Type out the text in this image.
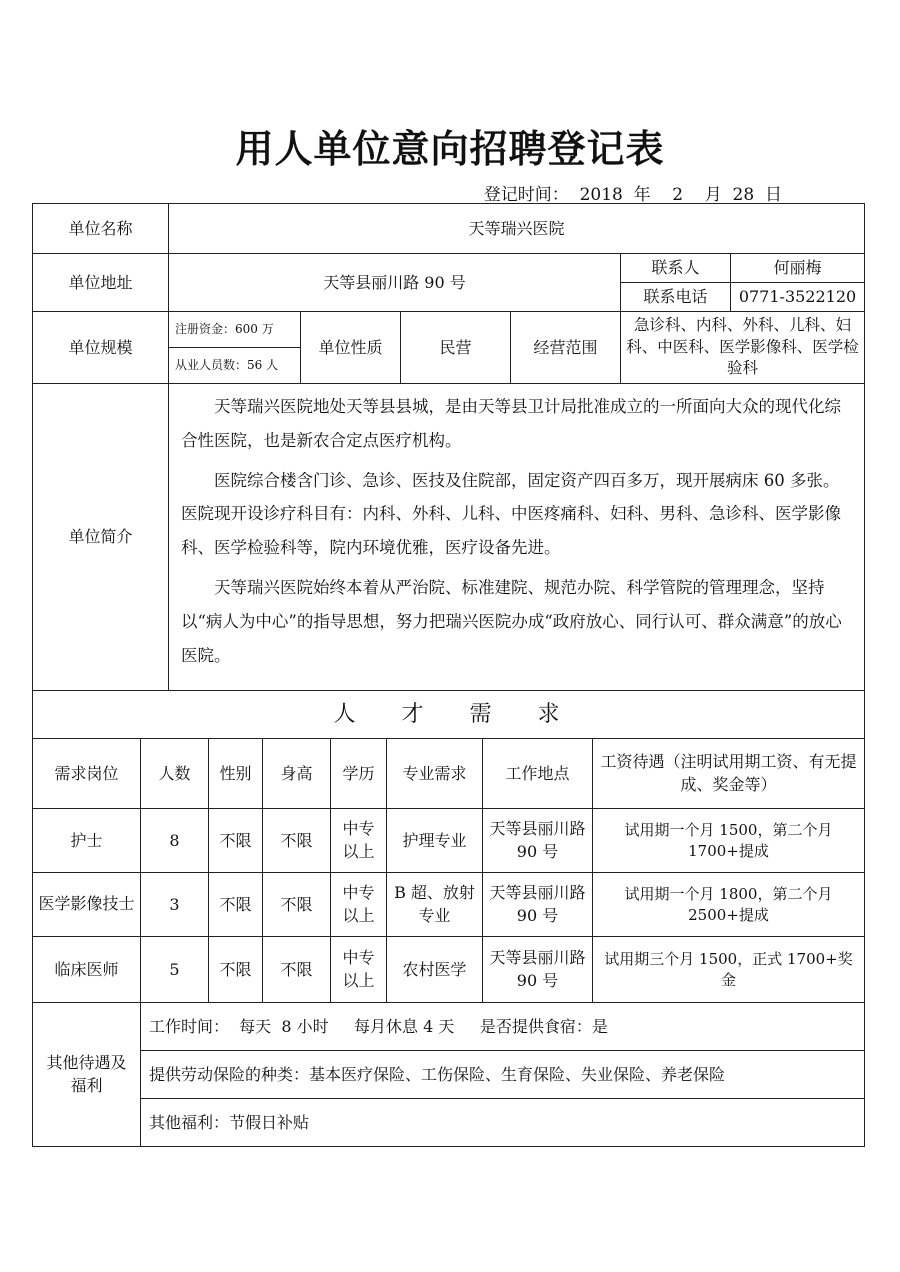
用人单位意向招聘登记表
登记时间： 2018 年 2 月 28 日
单位名称	天等瑞兴医院					
单位地址	天等县丽川路 90 号				联系人	何丽梅
					联系电话	0771-3522120
单位规模	注册资金：600 万	单位性质	民营	经营范围	急诊科、内科、外科、儿科、妇科、中医科、医学影像科、医学检验科	
	从业人员数：56 人					
单位简介	天等瑞兴医院地处天等县县城，是由天等县卫计局批准成立的一所面向大众的现代化综合性医院，也是新农合定点医疗机构。

医院综合楼含门诊、急诊、医技及住院部，固定资产四百多万，现开展病床 60 多张。医院现开设诊疗科目有：内科、外科、儿科、中医疼痛科、妇科、男科、急诊科、医学影像科、医学检验科等，院内环境优雅，医疗设备先进。

天等瑞兴医院始终本着从严治院、标准建院、规范办院、科学管院的管理理念，坚持以“病人为中心”的指导思想，努力把瑞兴医院办成“政府放心、同行认可、群众满意”的放心医院。					

人才需求							
需求岗位	人数	性别	身高	学历	专业需求	工作地点	工资待遇（注明试用期工资、有无提成、奖金等）
护士	8	不限	不限	中专以上	护理专业	天等县丽川路 90 号	试用期一个月 1500，第二个月 1700+提成
医学影像技士	3	不限	不限	中专以上	B 超、放射专业	天等县丽川路 90 号	试用期一个月 1800，第二个月 2500+提成
临床医师	5	不限	不限	中专以上	农村医学	天等县丽川路 90 号	试用期三个月 1500，正式 1700+奖金
其他待遇及福利	工作时间：  每天  8 小时     每月休息 4 天     是否提供食宿：是
提供劳动保险的种类：基本医疗保险、工伤保险、生育保险、失业保险、养老保险
其他福利：节假日补贴
